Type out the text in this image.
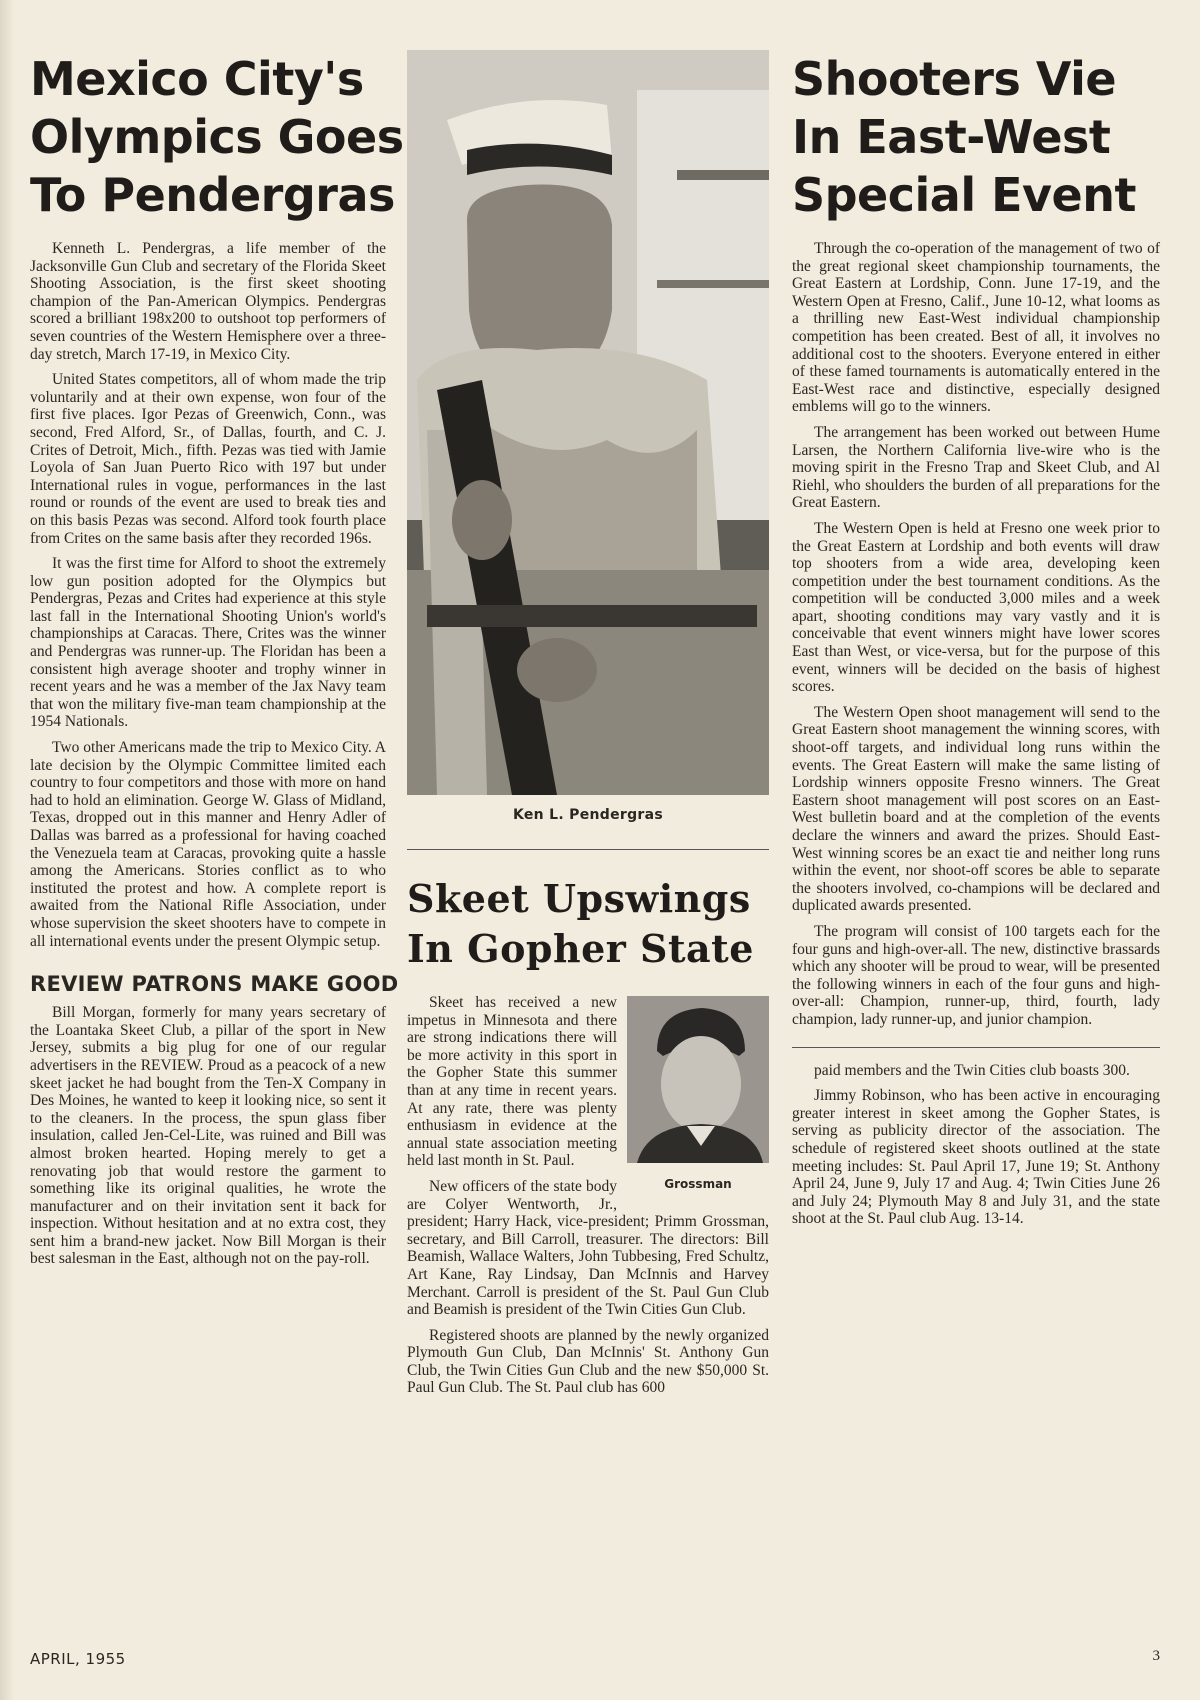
Mexico City's
Olympics Goes
To Pendergras

Kenneth L. Pendergras, a life member of the Jacksonville Gun Club and secretary of the Florida Skeet Shooting Association, is the first skeet shooting champion of the Pan-American Olympics. Pendergras scored a brilliant 198x200 to outshoot top performers of seven countries of the Western Hemisphere over a three-day stretch, March 17-19, in Mexico City.

United States competitors, all of whom made the trip voluntarily and at their own expense, won four of the first five places. Igor Pezas of Greenwich, Conn., was second, Fred Alford, Sr., of Dallas, fourth, and C. J. Crites of Detroit, Mich., fifth. Pezas was tied with Jamie Loyola of San Juan Puerto Rico with 197 but under International rules in vogue, performances in the last round or rounds of the event are used to break ties and on this basis Pezas was second. Alford took fourth place from Crites on the same basis after they recorded 196s.

It was the first time for Alford to shoot the extremely low gun position adopted for the Olympics but Pendergras, Pezas and Crites had experience at this style last fall in the International Shooting Union's world's championships at Caracas. There, Crites was the winner and Pendergras was runner-up. The Floridan has been a consistent high average shooter and trophy winner in recent years and he was a member of the Jax Navy team that won the military five-man team championship at the 1954 Nationals.

Two other Americans made the trip to Mexico City. A late decision by the Olympic Committee limited each country to four competitors and those with more on hand had to hold an elimination. George W. Glass of Midland, Texas, dropped out in this manner and Henry Adler of Dallas was barred as a professional for having coached the Venezuela team at Caracas, provoking quite a hassle among the Americans. Stories conflict as to who instituted the protest and how. A complete report is awaited from the National Rifle Association, under whose supervision the skeet shooters have to compete in all international events under the present Olympic setup.

REVIEW PATRONS MAKE GOOD

Bill Morgan, formerly for many years secretary of the Loantaka Skeet Club, a pillar of the sport in New Jersey, submits a big plug for one of our regular advertisers in the REVIEW. Proud as a peacock of a new skeet jacket he had bought from the Ten-X Company in Des Moines, he wanted to keep it looking nice, so sent it to the cleaners. In the process, the spun glass fiber insulation, called Jen-Cel-Lite, was ruined and Bill was almost broken hearted. Hoping merely to get a renovating job that would restore the garment to something like its original qualities, he wrote the manufacturer and on their invitation sent it back for inspection. Without hesitation and at no extra cost, they sent him a brand-new jacket. Now Bill Morgan is their best salesman in the East, although not on the pay-roll.

Ken L. Pendergras
Skeet Upswings
In Gopher State
Grossman

Skeet has received a new impetus in Minnesota and there are strong indications there will be more activity in this sport in the Gopher State this summer than at any time in recent years. At any rate, there was plenty enthusiasm in evidence at the annual state association meeting held last month in St. Paul.

New officers of the state body are Colyer Wentworth, Jr., president; Harry Hack, vice-president; Primm Grossman, secretary, and Bill Carroll, treasurer. The directors: Bill Beamish, Wallace Walters, John Tubbesing, Fred Schultz, Art Kane, Ray Lindsay, Dan McInnis and Harvey Merchant. Carroll is president of the St. Paul Gun Club and Beamish is president of the Twin Cities Gun Club.

Registered shoots are planned by the newly organized Plymouth Gun Club, Dan McInnis' St. Anthony Gun Club, the Twin Cities Gun Club and the new $50,000 St. Paul Gun Club. The St. Paul club has 600

Shooters Vie
In East-West
Special Event

Through the co-operation of the management of two of the great regional skeet championship tournaments, the Great Eastern at Lordship, Conn. June 17-19, and the Western Open at Fresno, Calif., June 10-12, what looms as a thrilling new East-West individual championship competition has been created. Best of all, it involves no additional cost to the shooters. Everyone entered in either of these famed tournaments is automatically entered in the East-West race and distinctive, especially designed emblems will go to the winners.

The arrangement has been worked out between Hume Larsen, the Northern California live-wire who is the moving spirit in the Fresno Trap and Skeet Club, and Al Riehl, who shoulders the burden of all preparations for the Great Eastern.

The Western Open is held at Fresno one week prior to the Great Eastern at Lordship and both events will draw top shooters from a wide area, developing keen competition under the best tournament conditions. As the competition will be conducted 3,000 miles and a week apart, shooting conditions may vary vastly and it is conceivable that event winners might have lower scores East than West, or vice-versa, but for the purpose of this event, winners will be decided on the basis of highest scores.

The Western Open shoot management will send to the Great Eastern shoot management the winning scores, with shoot-off targets, and individual long runs within the events. The Great Eastern will make the same listing of Lordship winners opposite Fresno winners. The Great Eastern shoot management will post scores on an East-West bulletin board and at the completion of the events declare the winners and award the prizes. Should East-West winning scores be an exact tie and neither long runs within the event, nor shoot-off scores be able to separate the shooters involved, co-champions will be declared and duplicated awards presented.

The program will consist of 100 targets each for the four guns and high-over-all. The new, distinctive brassards which any shooter will be proud to wear, will be presented the following winners in each of the four guns and high-over-all: Champion, runner-up, third, fourth, lady champion, lady runner-up, and junior champion.

paid members and the Twin Cities club boasts 300.

Jimmy Robinson, who has been active in encouraging greater interest in skeet among the Gopher States, is serving as publicity director of the association. The schedule of registered skeet shoots outlined at the state meeting includes: St. Paul April 17, June 19; St. Anthony April 24, June 9, July 17 and Aug. 4; Twin Cities June 26 and July 24; Plymouth May 8 and July 31, and the state shoot at the St. Paul club Aug. 13-14.

APRIL, 1955	3
